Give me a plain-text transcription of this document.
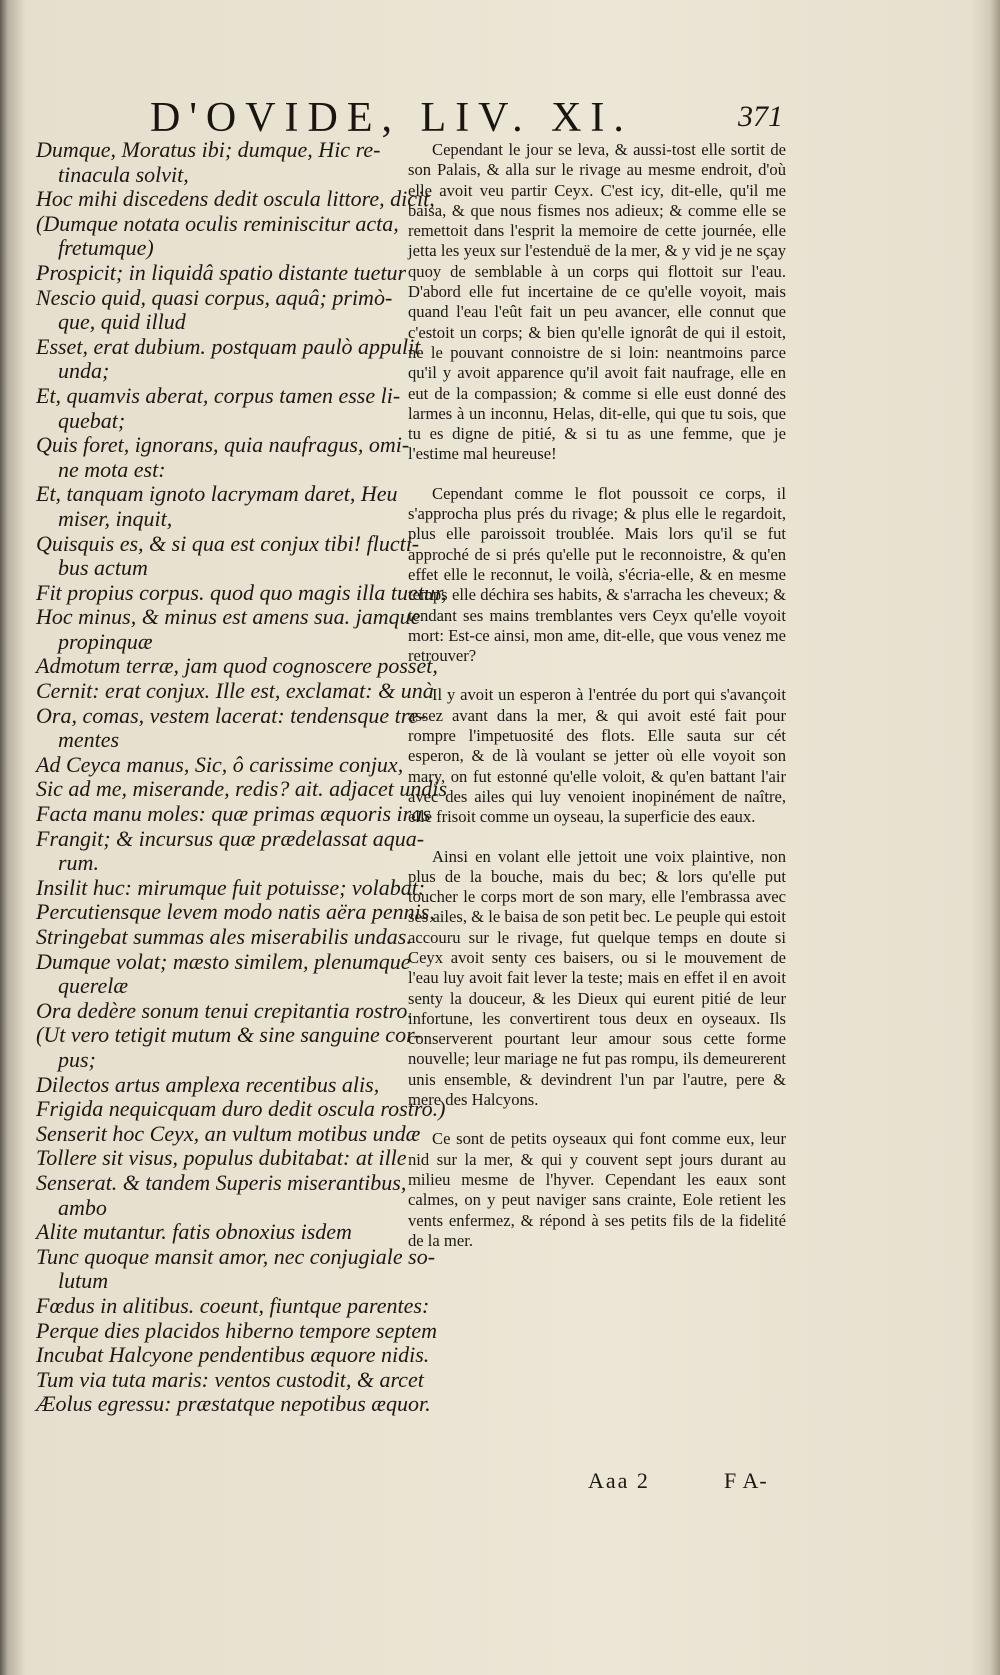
D'OVIDE, LIV. XI.	371
Dumque, Moratus ibi; dumque, Hic re-
tinacula solvit,
Hoc mihi discedens dedit oscula littore, dicit,
(Dumque notata oculis reminiscitur acta,
fretumque)
Prospicit; in liquidâ spatio distante tuetur
Nescio quid, quasi corpus, aquâ; primò-
que, quid illud
Esset, erat dubium. postquam paulò appulit
unda;
Et, quamvis aberat, corpus tamen esse li-
quebat;
Quis foret, ignorans, quia naufragus, omi-
ne mota est:
Et, tanquam ignoto lacrymam daret, Heu
miser, inquit,
Quisquis es, & si qua est conjux tibi! flucti-
bus actum
Fit propius corpus. quod quo magis illa tuetur,
Hoc minus, & minus est amens sua. jamque
propinquæ
Admotum terræ, jam quod cognoscere posset,
Cernit: erat conjux. Ille est, exclamat: & unà
Ora, comas, vestem lacerat: tendensque tre-
mentes
Ad Ceyca manus, Sic, ô carissime conjux,
Sic ad me, miserande, redis? ait. adjacet undis
Facta manu moles: quæ primas æquoris iras
Frangit; & incursus quæ prædelassat aqua-
rum.
Insilit huc: mirumque fuit potuisse; volabat:
Percutiensque levem modo natis aëra pennis,
Stringebat summas ales miserabilis undas.
Dumque volat; mæsto similem, plenumque
querelæ
Ora dedère sonum tenui crepitantia rostro.
(Ut vero tetigit mutum & sine sanguine cor-
pus;
Dilectos artus amplexa recentibus alis,
Frigida nequicquam duro dedit oscula rostro.)
Senserit hoc Ceyx, an vultum motibus undæ
Tollere sit visus, populus dubitabat: at ille
Senserat. & tandem Superis miserantibus,
ambo
Alite mutantur. fatis obnoxius isdem
Tunc quoque mansit amor, nec conjugiale so-
lutum
Fœdus in alitibus. coeunt, fiuntque parentes:
Perque dies placidos hiberno tempore septem
Incubat Halcyone pendentibus æquore nidis.
Tum via tuta maris: ventos custodit, & arcet
Æolus egressu: præstatque nepotibus æquor.

Cependant le jour se leva, & aussi-tost elle sortit de son Palais, & alla sur le rivage au mesme endroit, d'où elle avoit veu partir Ceyx. C'est icy, dit-elle, qu'il me baisa, & que nous fismes nos adieux; & comme elle se remettoit dans l'esprit la memoire de cette journée, elle jetta les yeux sur l'estenduë de la mer, & y vid je ne sçay quoy de semblable à un corps qui flottoit sur l'eau. D'abord elle fut incertaine de ce qu'elle voyoit, mais quand l'eau l'eût fait un peu avancer, elle connut que c'estoit un corps; & bien qu'elle ignorât de qui il estoit, ne le pouvant connoistre de si loin: neantmoins parce qu'il y avoit apparence qu'il avoit fait naufrage, elle en eut de la compassion; & comme si elle eust donné des larmes à un inconnu, Helas, dit-elle, qui que tu sois, que tu es digne de pitié, & si tu as une femme, que je l'estime mal heureuse!

Cependant comme le flot poussoit ce corps, il s'approcha plus prés du rivage; & plus elle le regardoit, plus elle paroissoit troublée. Mais lors qu'il se fut approché de si prés qu'elle put le reconnoistre, & qu'en effet elle le reconnut, le voilà, s'écria-elle, & en mesme temps elle déchira ses habits, & s'arracha les cheveux; & tendant ses mains tremblantes vers Ceyx qu'elle voyoit mort: Est-ce ainsi, mon ame, dit-elle, que vous venez me retrouver?

Il y avoit un esperon à l'entrée du port qui s'avançoit assez avant dans la mer, & qui avoit esté fait pour rompre l'impetuosité des flots. Elle sauta sur cét esperon, & de là voulant se jetter où elle voyoit son mary, on fut estonné qu'elle voloit, & qu'en battant l'air avec des ailes qui luy venoient inopinément de naître, elle frisoit comme un oyseau, la superficie des eaux.

Ainsi en volant elle jettoit une voix plaintive, non plus de la bouche, mais du bec; & lors qu'elle put toucher le corps mort de son mary, elle l'embrassa avec ses ailes, & le baisa de son petit bec. Le peuple qui estoit accouru sur le rivage, fut quelque temps en doute si Ceyx avoit senty ces baisers, ou si le mouvement de l'eau luy avoit fait lever la teste; mais en effet il en avoit senty la douceur, & les Dieux qui eurent pitié de leur infortune, les convertirent tous deux en oyseaux. Ils conserverent pourtant leur amour sous cette forme nouvelle; leur mariage ne fut pas rompu, ils demeurerent unis ensemble, & devindrent l'un par l'autre, pere & mere des Halcyons.

Ce sont de petits oyseaux qui font comme eux, leur nid sur la mer, & qui y couvent sept jours durant au milieu mesme de l'hyver. Cependant les eaux sont calmes, on y peut naviger sans crainte, Eole retient les vents enfermez, & répond à ses petits fils de la fidelité de la mer.

Aaa 2	F A-
